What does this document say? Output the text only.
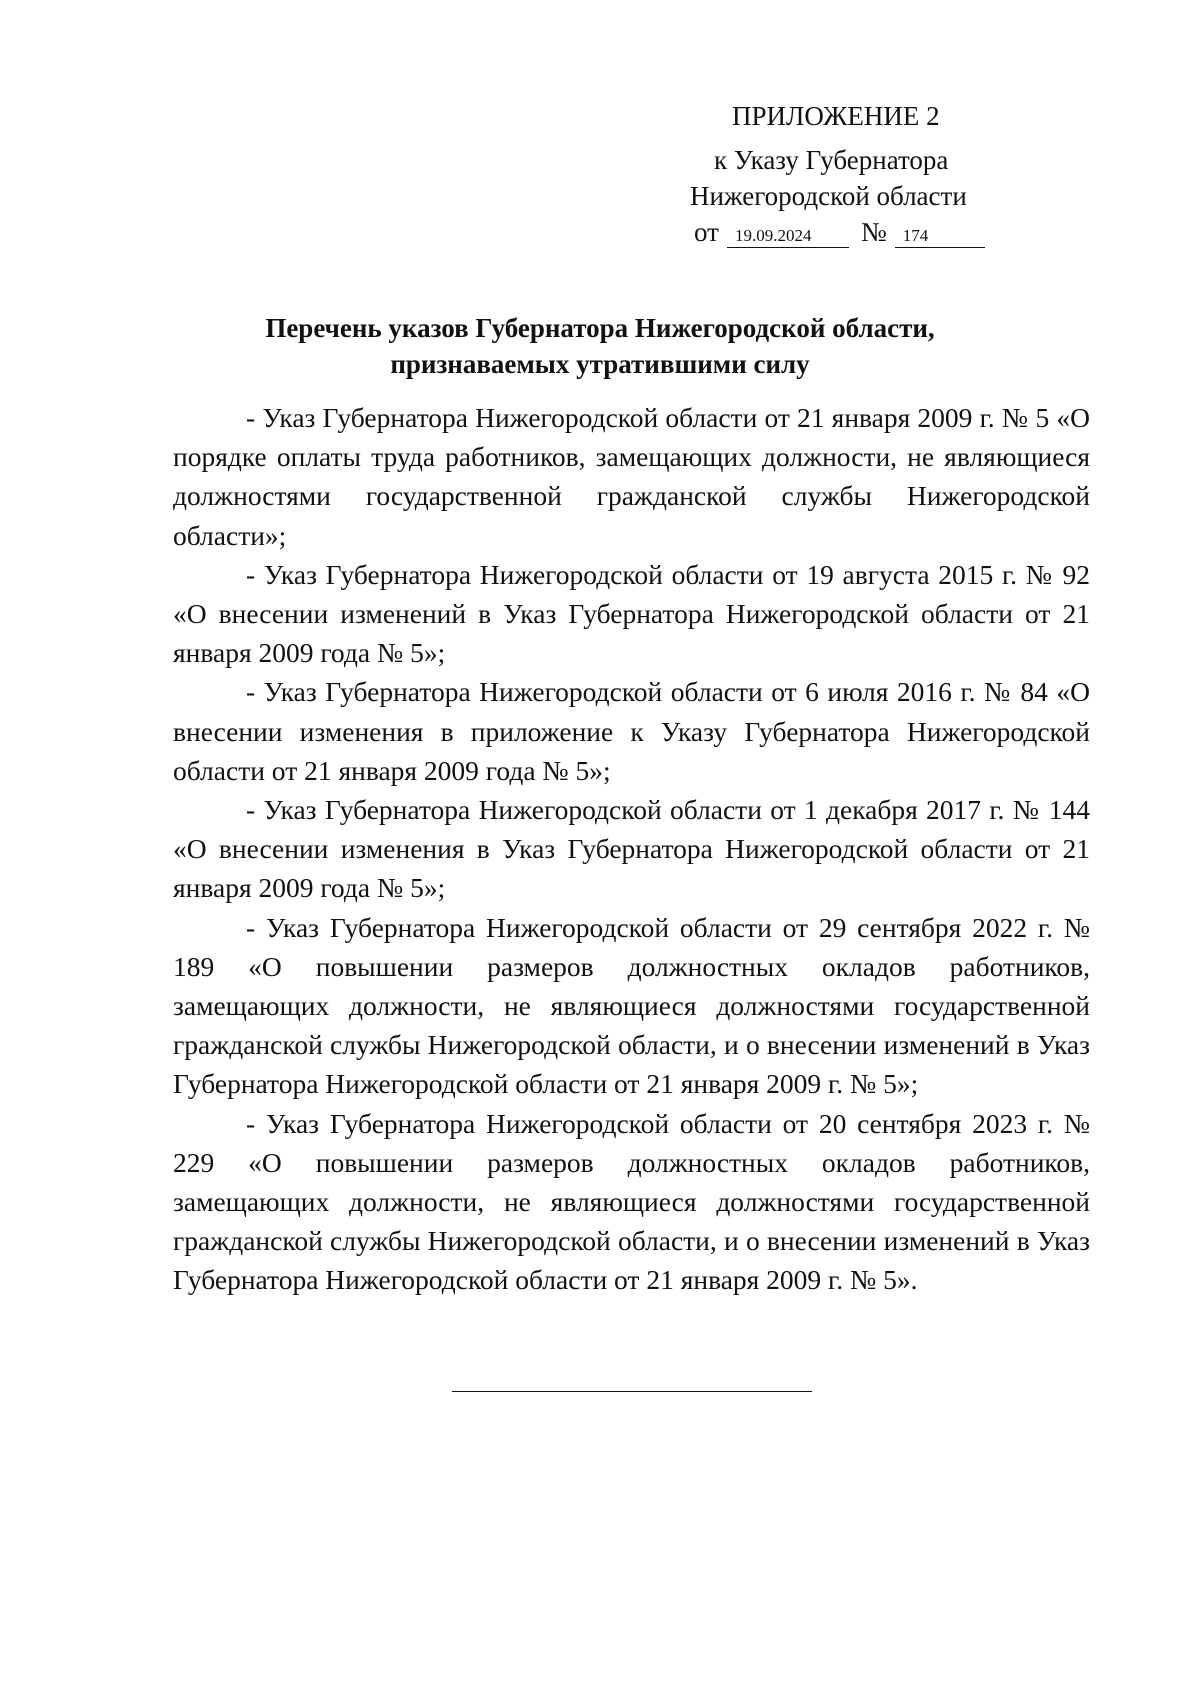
ПРИЛОЖЕНИЕ 2
к Указу Губернатора
Нижегородской области
от 19.09.2024	№ 174
Перечень указов Губернатора Нижегородской области,
признаваемых утратившими силу

- Указ Губернатора Нижегородской области от 21 января 2009 г. № 5 «О порядке оплаты труда работников, замещающих должности, не являющиеся должностями государственной гражданской службы Нижегородской области»;

- Указ Губернатора Нижегородской области от 19 августа 2015 г. № 92 «О внесении изменений в Указ Губернатора Нижегородской области от 21 января 2009 года № 5»;

- Указ Губернатора Нижегородской области от 6 июля 2016 г. № 84 «О внесении изменения в приложение к Указу Губернатора Нижегородской области от 21 января 2009 года № 5»;

- Указ Губернатора Нижегородской области от 1 декабря 2017 г. № 144 «О внесении изменения в Указ Губернатора Нижегородской области от 21 января 2009 года № 5»;

- Указ Губернатора Нижегородской области от 29 сентября 2022 г. № 189 «О повышении размеров должностных окладов работников, замещающих должности, не являющиеся должностями государственной гражданской службы Нижегородской области, и о внесении изменений в Указ Губернатора Нижегородской области от 21 января 2009 г. № 5»;

- Указ Губернатора Нижегородской области от 20 сентября 2023 г. № 229 «О повышении размеров должностных окладов работников, замещающих должности, не являющиеся должностями государственной гражданской службы Нижегородской области, и о внесении изменений в Указ Губернатора Нижегородской области от 21 января 2009 г. № 5».
